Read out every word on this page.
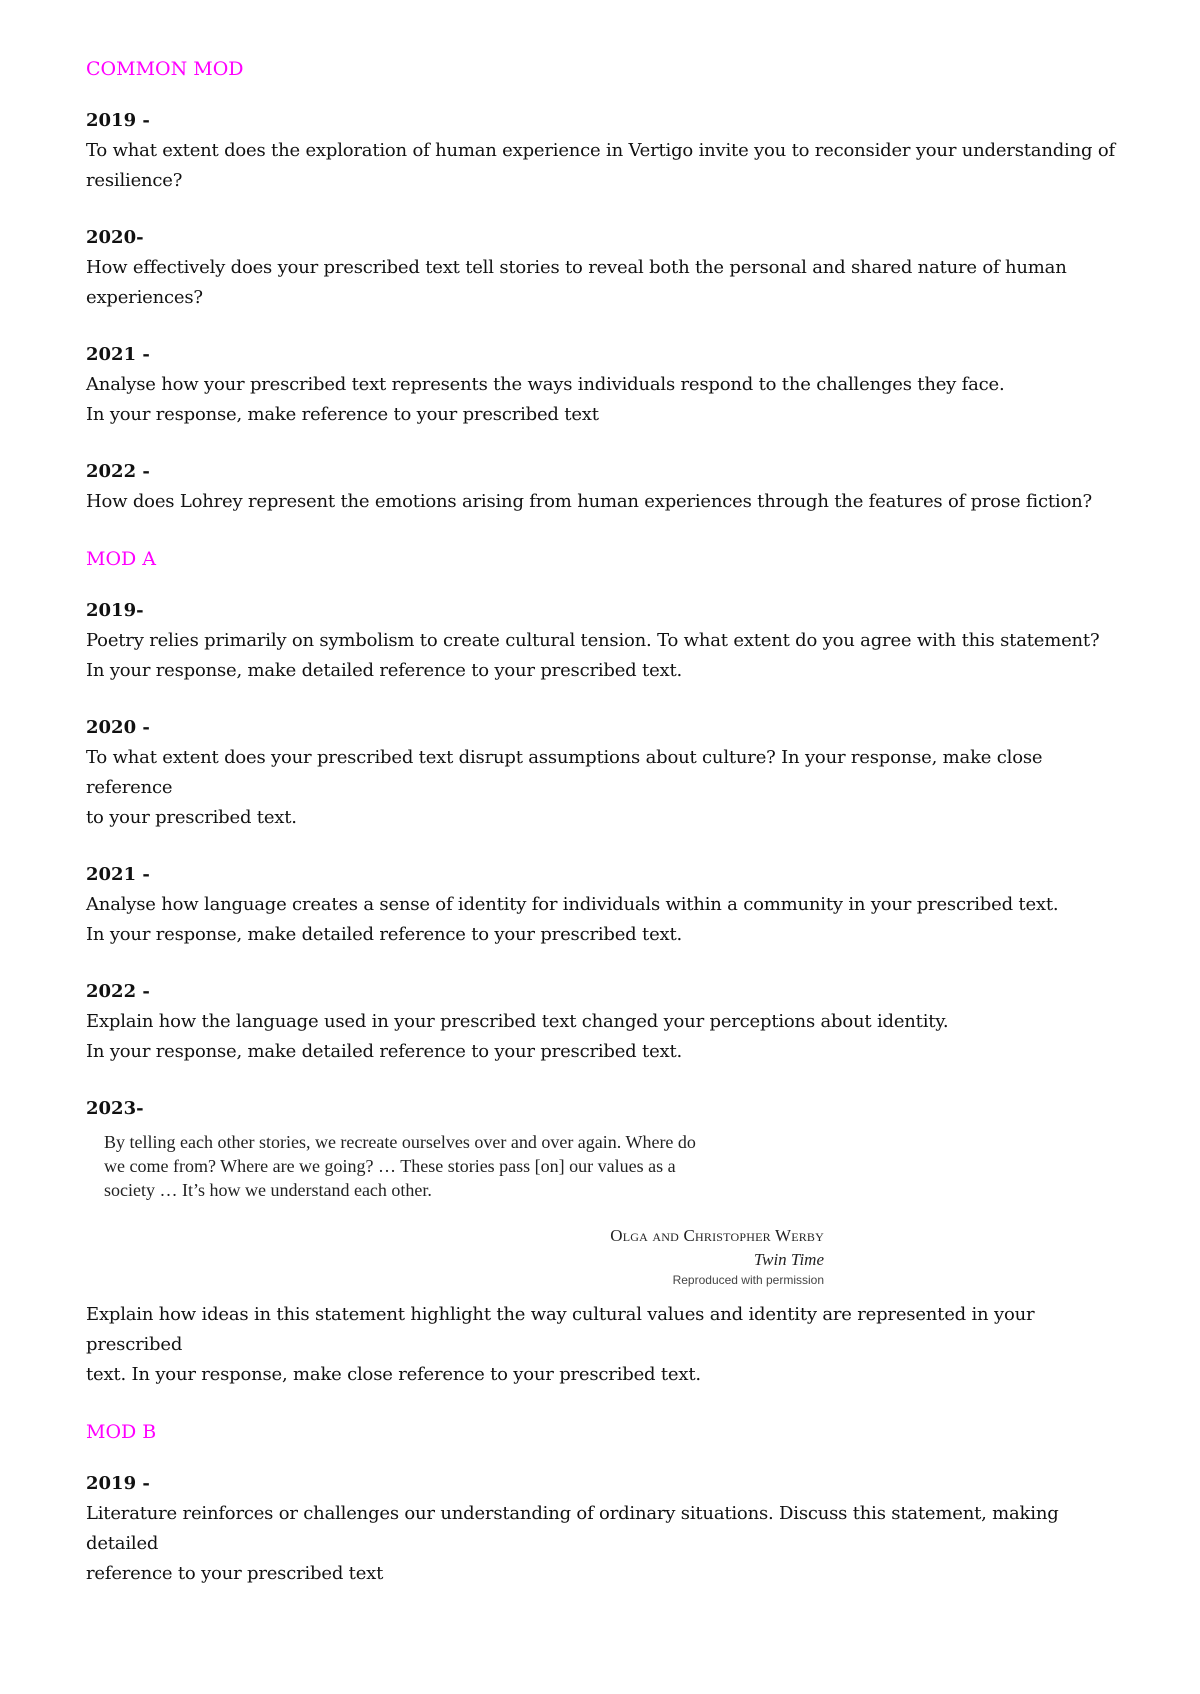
COMMON MOD

2019 -

To what extent does the exploration of human experience in Vertigo invite you to reconsider your understanding of
resilience?

2020-

How effectively does your prescribed text tell stories to reveal both the personal and shared nature of human
experiences?

2021 -

Analyse how your prescribed text represents the ways individuals respond to the challenges they face.
In your response, make reference to your prescribed text

2022 -

How does Lohrey represent the emotions arising from human experiences through the features of prose fiction?

MOD A

2019-

Poetry relies primarily on symbolism to create cultural tension. To what extent do you agree with this statement?
In your response, make detailed reference to your prescribed text.

2020 -

To what extent does your prescribed text disrupt assumptions about culture? In your response, make close reference
to your prescribed text.

2021 -

Analyse how language creates a sense of identity for individuals within a community in your prescribed text.
In your response, make detailed reference to your prescribed text.

2022 -

Explain how the language used in your prescribed text changed your perceptions about identity.
In your response, make detailed reference to your prescribed text.

2023-

By telling each other stories, we recreate ourselves over and over again. Where do
we come from? Where are we going? … These stories pass [on] our values as a
society … It’s how we understand each other.

Olga and Christopher Werby
Twin Time
Reproduced with permission

Explain how ideas in this statement highlight the way cultural values and identity are represented in your prescribed
text. In your response, make close reference to your prescribed text.

MOD B

2019 -

Literature reinforces or challenges our understanding of ordinary situations. Discuss this statement, making detailed
reference to your prescribed text
